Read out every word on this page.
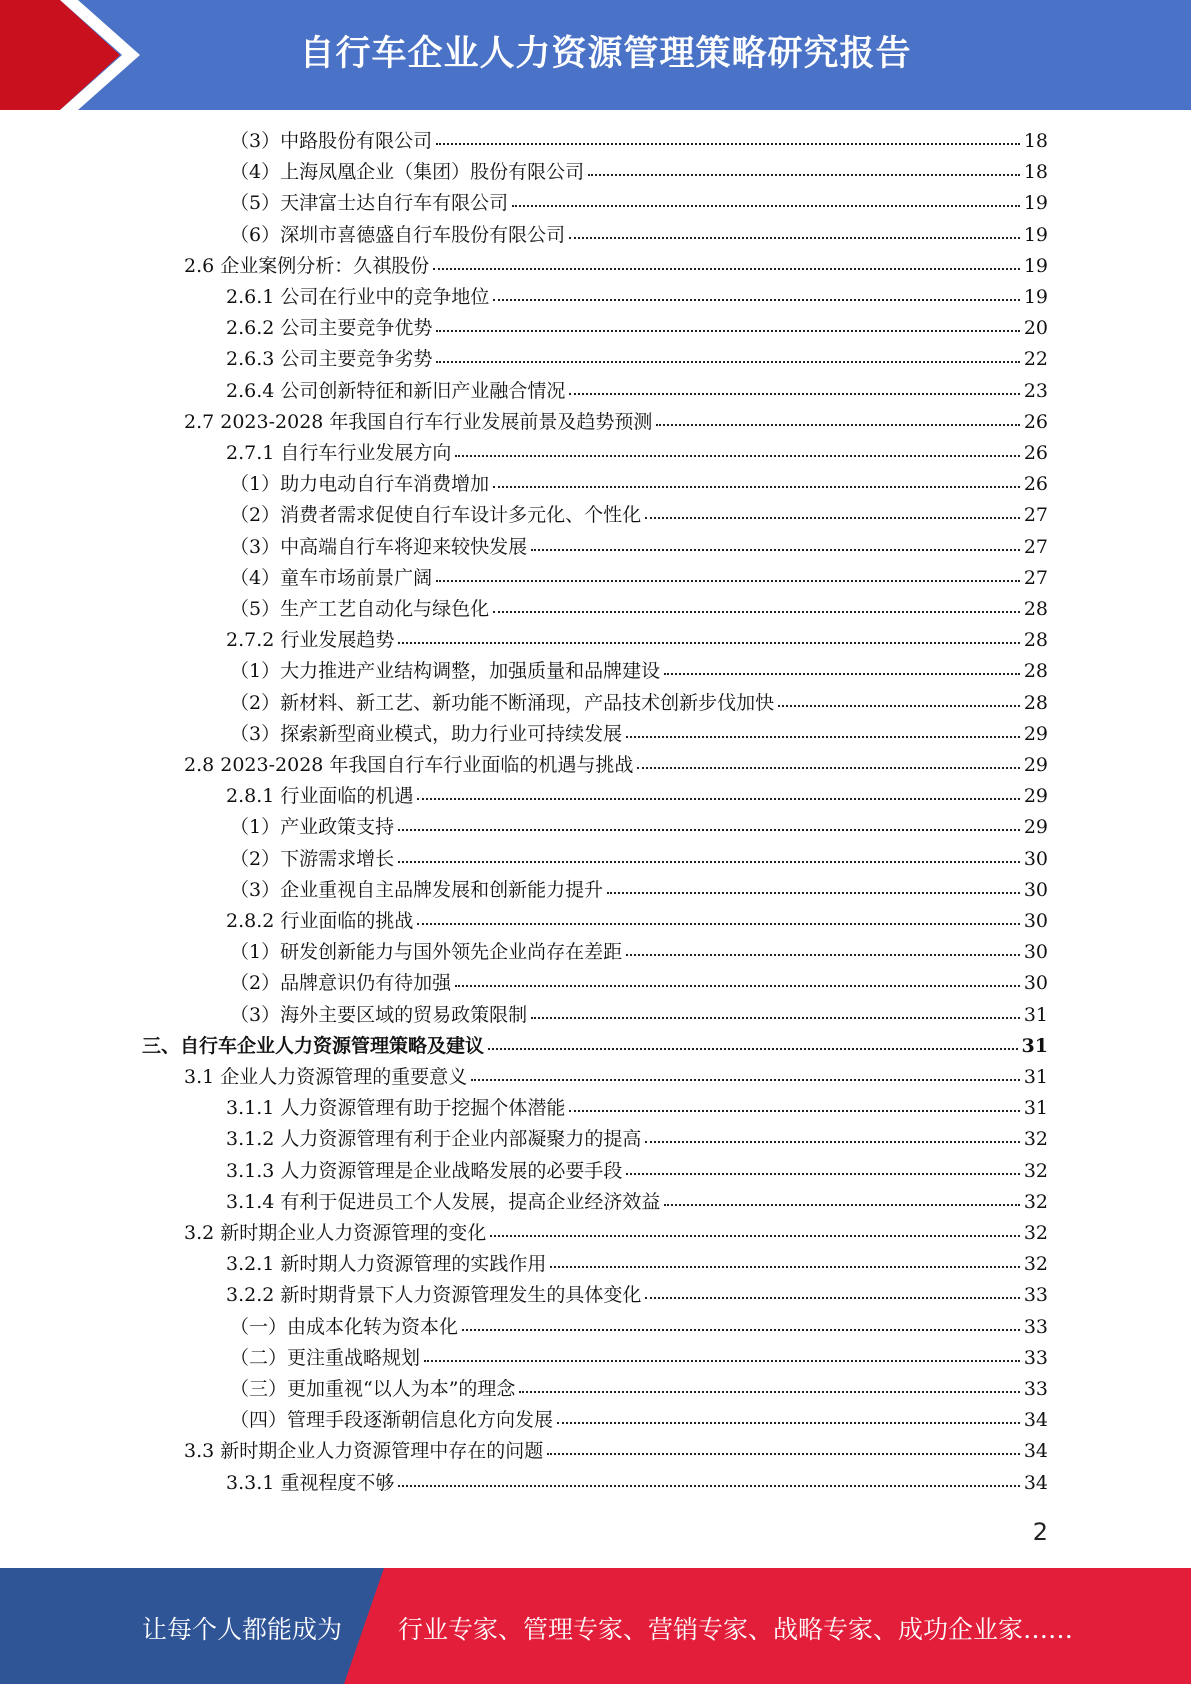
自行车企业人力资源管理策略研究报告
（3）中路股份有限公司	18
（4）上海凤凰企业（集团）股份有限公司	18
（5）天津富士达自行车有限公司	19
（6）深圳市喜德盛自行车股份有限公司	19
2.6 企业案例分析：久祺股份	19
2.6.1 公司在行业中的竞争地位	19
2.6.2 公司主要竞争优势	20
2.6.3 公司主要竞争劣势	22
2.6.4 公司创新特征和新旧产业融合情况	23
2.7 2023-2028 年我国自行车行业发展前景及趋势预测	26
2.7.1 自行车行业发展方向	26
（1）助力电动自行车消费增加	26
（2）消费者需求促使自行车设计多元化、个性化	27
（3）中高端自行车将迎来较快发展	27
（4）童车市场前景广阔	27
（5）生产工艺自动化与绿色化	28
2.7.2 行业发展趋势	28
（1）大力推进产业结构调整，加强质量和品牌建设	28
（2）新材料、新工艺、新功能不断涌现，产品技术创新步伐加快	28
（3）探索新型商业模式，助力行业可持续发展	29
2.8 2023-2028 年我国自行车行业面临的机遇与挑战	29
2.8.1 行业面临的机遇	29
（1）产业政策支持	29
（2）下游需求增长	30
（3）企业重视自主品牌发展和创新能力提升	30
2.8.2 行业面临的挑战	30
（1）研发创新能力与国外领先企业尚存在差距	30
（2）品牌意识仍有待加强	30
（3）海外主要区域的贸易政策限制	31
三、自行车企业人力资源管理策略及建议	31
3.1 企业人力资源管理的重要意义	31
3.1.1 人力资源管理有助于挖掘个体潜能	31
3.1.2 人力资源管理有利于企业内部凝聚力的提高	32
3.1.3 人力资源管理是企业战略发展的必要手段	32
3.1.4 有利于促进员工个人发展，提高企业经济效益	32
3.2 新时期企业人力资源管理的变化	32
3.2.1 新时期人力资源管理的实践作用	32
3.2.2 新时期背景下人力资源管理发生的具体变化	33
（一）由成本化转为资本化	33
（二）更注重战略规划	33
（三）更加重视“以人为本”的理念	33
（四）管理手段逐渐朝信息化方向发展	34
3.3 新时期企业人力资源管理中存在的问题	34
3.3.1 重视程度不够	34
2
让每个人都能成为 行业专家、管理专家、营销专家、战略专家、成功企业家……
